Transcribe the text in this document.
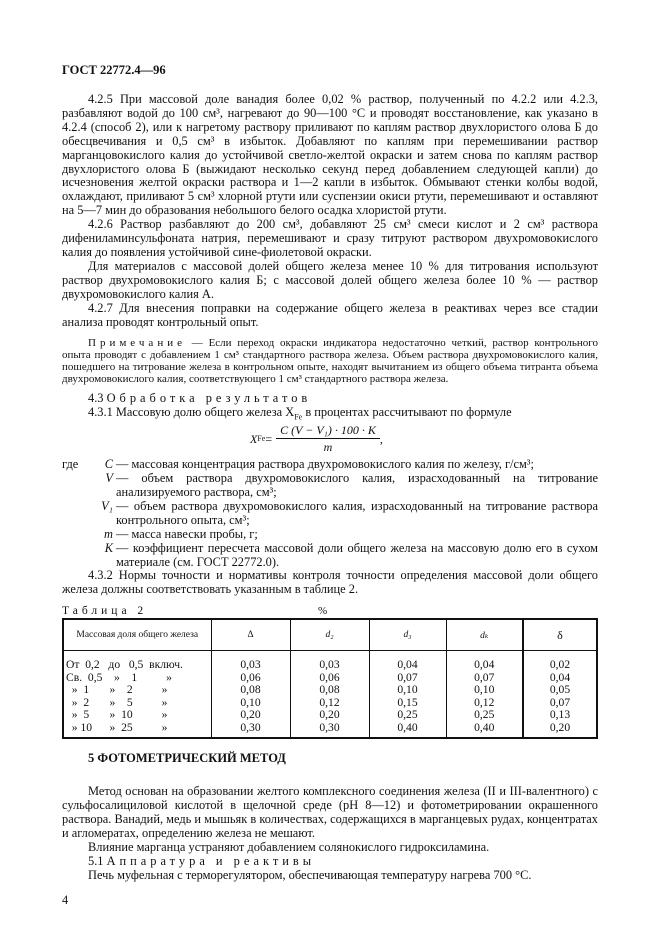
ГОСТ 22772.4—96
4.2.5 При массовой доле ванадия более 0,02 % раствор, полученный по 4.2.2 или 4.2.3, разбавляют водой до 100 см³, нагревают до 90—100 °С и проводят восстановление, как указано в 4.2.4 (способ 2), или к нагретому раствору приливают по каплям раствор двухлористого олова Б до обесцвечивания и 0,5 см³ в избыток. Добавляют по каплям при перемешивании раствор марганцовокислого калия до устойчивой светло-желтой окраски и затем снова по каплям раствор двухлористого олова Б (выжидают несколько секунд перед добавлением следующей капли) до исчезновения желтой окраски раствора и 1—2 капли в избыток. Обмывают стенки колбы водой, охлаждают, приливают 5 см³ хлорной ртути или суспензии окиси ртути, перемешивают и оставляют на 5—7 мин до образования небольшого белого осадка хлористой ртути.
4.2.6 Раствор разбавляют до 200 см³, добавляют 25 см³ смеси кислот и 2 см³ раствора дифениламинсульфоната натрия, перемешивают и сразу титруют раствором двухромовокислого калия до появления устойчивой сине-фиолетовой окраски.
Для материалов с массовой долей общего железа менее 10 % для титрования используют раствор двухромовокислого калия Б; с массовой долей общего железа более 10 % — раствор двухромовокислого калия А.
4.2.7 Для внесения поправки на содержание общего железа в реактивах через все стадии анализа проводят контрольный опыт.
Примечание — Если переход окраски индикатора недостаточно четкий, раствор контрольного опыта проводят с добавлением 1 см³ стандартного раствора железа. Объем раствора двухромовокислого калия, пошедшего на титрование железа в контрольном опыте, находят вычитанием из общего объема титранта объема двухромовокислого калия, соответствующего 1 см³ стандартного раствора железа.
4.3 Обработка результатов
4.3.1 Массовую долю общего железа $X_{Fe}$ в процентах рассчитывают по формуле
X $Fe = \frac{\text{C (V − V₁) · 100 · K}}{m}$ ,
где	C — массовая концентрация раствора двухромовокислого калия по железу, г/см³;
V — объем раствора двухромовокислого калия, израсходованный на титрование анализируемого раствора, см³;
V₁ — объем раствора двухромовокислого калия, израсходованный на титрование раствора контрольного опыта, см³;
m — масса навески пробы, г;
K — коэффициент пересчета массовой доли общего железа на массовую долю его в сухом материале (см. ГОСТ 22772.0).
4.3.2 Нормы точности и нормативы контроля точности определения массовой доли общего железа должны соответствовать указанным в таблице 2.
Таблица 2	%
Массовая доля общего железа	Δ	d₂	d₃	dₖ	δ
От  0,2   до   0,5  включ.	0,03	0,03	0,04	0,04	0,02
Св.  0,5    »    1          »	0,06	0,06	0,07	0,07	0,04
»  1       »    2          »	0,08	0,08	0,10	0,10	0,05
»  2       »    5          »	0,10	0,12	0,15	0,12	0,07
»  5       »  10          »	0,20	0,20	0,25	0,25	0,13
» 10      »  25          »	0,30	0,30	0,40	0,40	0,20
5 ФОТОМЕТРИЧЕСКИЙ МЕТОД
Метод основан на образовании желтого комплексного соединения железа (II и III-валентного) с сульфосалициловой кислотой в щелочной среде (pH 8—12) и фотометрировании окрашенного раствора. Ванадий, медь и мышьяк в количествах, содержащихся в марганцевых рудах, концентратах и агломератах, определению железа не мешают.
Влияние марганца устраняют добавлением солянокислого гидроксиламина.
5.1 Аппаратура и реактивы
Печь муфельная с терморегулятором, обеспечивающая температуру нагрева 700 °С.
4
